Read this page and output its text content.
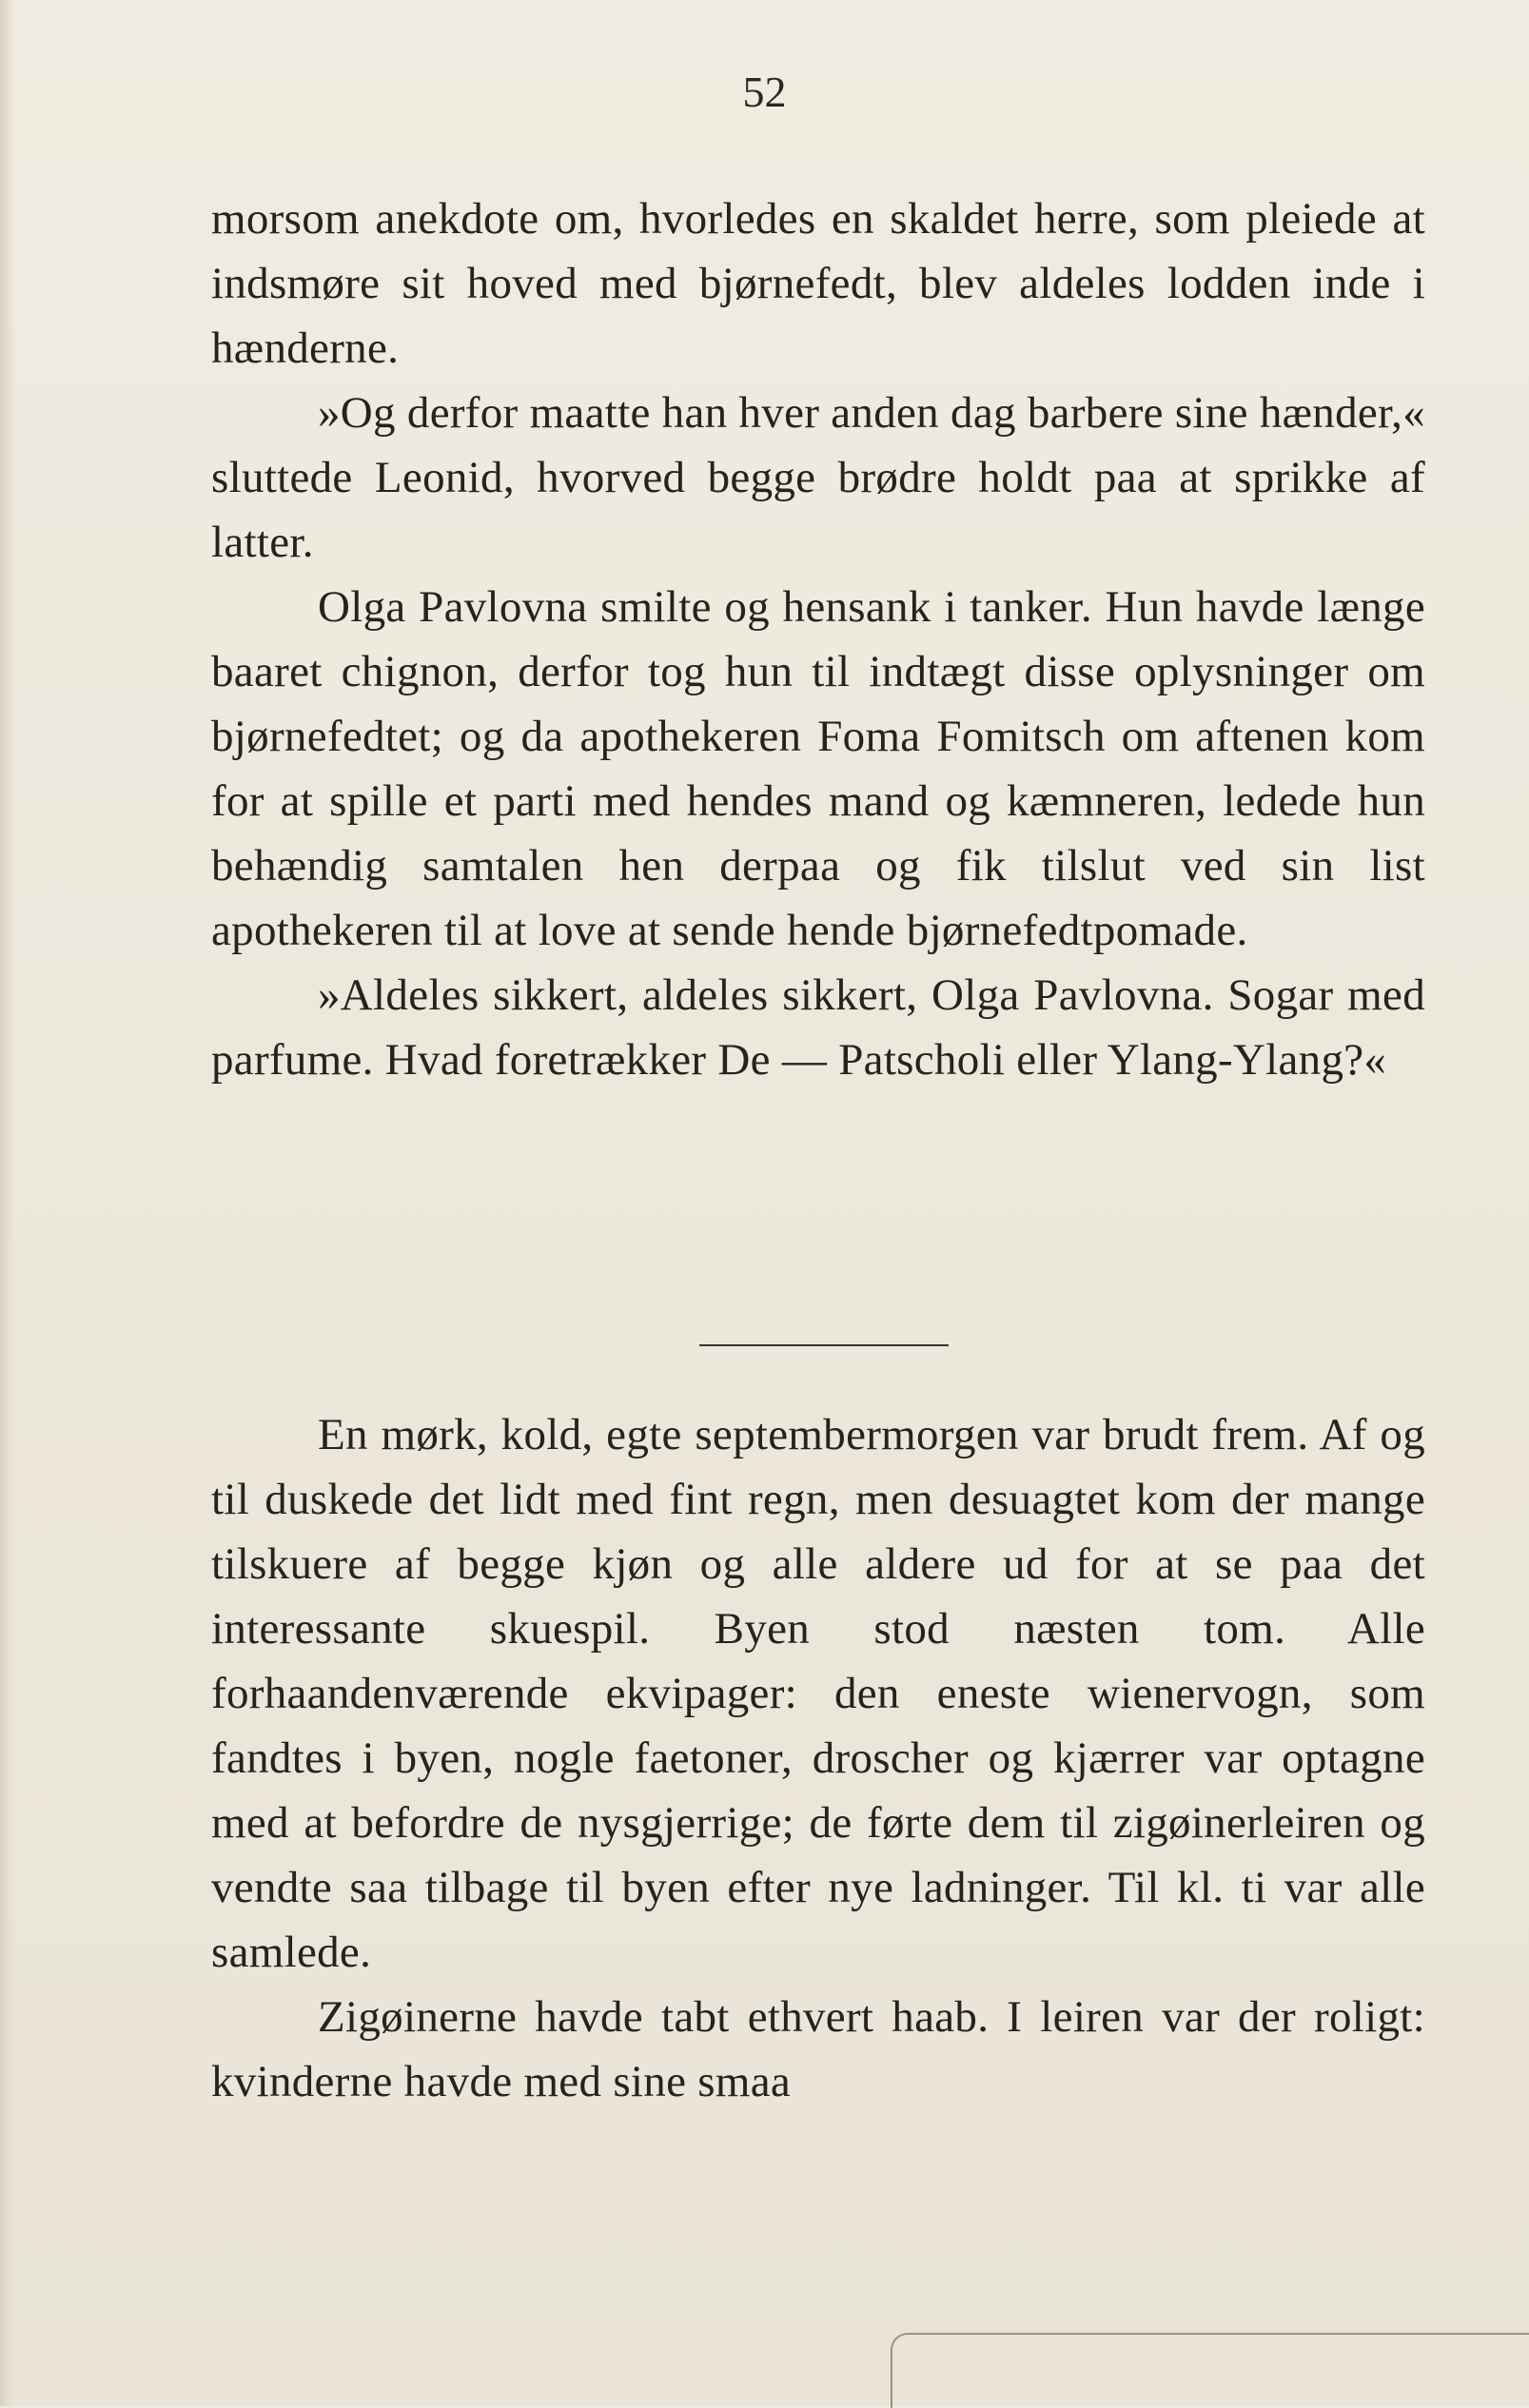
52

morsom anekdote om, hvorledes en skaldet herre, som pleiede at indsmøre sit hoved med bjørnefedt, blev aldeles lodden inde i hænderne.

»Og derfor maatte han hver anden dag barbere sine hænder,« sluttede Leonid, hvorved begge brødre holdt paa at sprikke af latter.

Olga Pavlovna smilte og hensank i tanker. Hun havde længe baaret chignon, derfor tog hun til indtægt disse oplysninger om bjørnefedtet; og da apothekeren Foma Fomitsch om aftenen kom for at spille et parti med hendes mand og kæmneren, ledede hun behændig samtalen hen derpaa og fik tilslut ved sin list apothekeren til at love at sende hende bjørnefedtpomade.

»Aldeles sikkert, aldeles sikkert, Olga Pavlovna. Sogar med parfume. Hvad foretrækker De — Patscholi eller Ylang-Ylang?«

En mørk, kold, egte septembermorgen var brudt frem. Af og til duskede det lidt med fint regn, men desuagtet kom der mange tilskuere af begge kjøn og alle aldere ud for at se paa det interessante skuespil. Byen stod næsten tom. Alle forhaandenværende ekvipager: den eneste wienervogn, som fandtes i byen, nogle faetoner, droscher og kjærrer var optagne med at befordre de nysgjerrige; de førte dem til zigøinerleiren og vendte saa tilbage til byen efter nye ladninger. Til kl. ti var alle samlede.

Zigøinerne havde tabt ethvert haab. I leiren var der roligt: kvinderne havde med sine smaa
